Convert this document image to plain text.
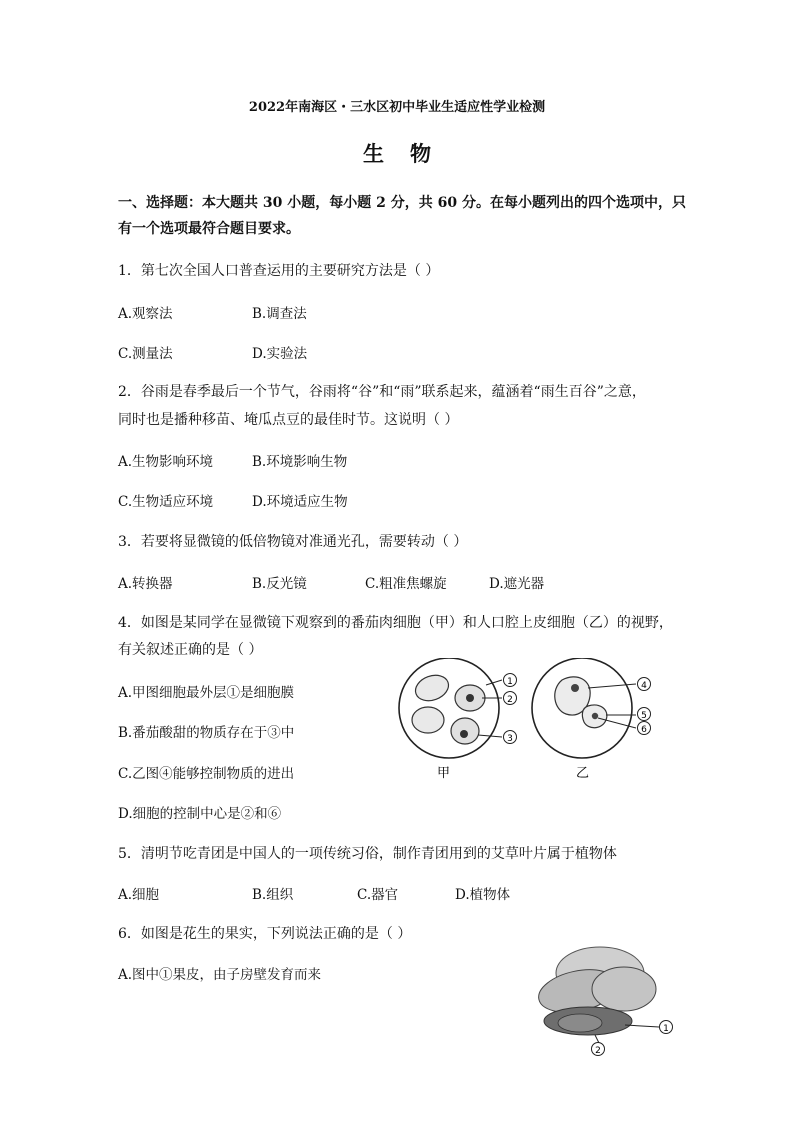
2022年南海区・三水区初中毕业生适应性学业检测
生物
一、选择题：本大题共 30 小题，每小题 2 分，共 60 分。在每小题列出的四个选项中，只有一个选项最符合题目要求。
1．第七次全国人口普查运用的主要研究方法是（ ）
A.观察法	B.调查法
C.测量法	D.实验法
2．谷雨是春季最后一个节气，谷雨将“谷”和“雨”联系起来，蕴涵着“雨生百谷”之意，
同时也是播种移苗、埯瓜点豆的最佳时节。这说明（ ）
A.生物影响环境	B.环境影响生物
C.生物适应环境	D.环境适应生物
3．若要将显微镜的低倍物镜对准通光孔，需要转动（ ）
A.转换器	B.反光镜	C.粗准焦螺旋	D.遮光器
4．如图是某同学在显微镜下观察到的番茄肉细胞（甲）和人口腔上皮细胞（乙）的视野，
有关叙述正确的是（ ）
A.甲图细胞最外层①是细胞膜
B.番茄酸甜的物质存在于③中
C.乙图④能够控制物质的进出
D.细胞的控制中心是②和⑥
1
2
3
甲
4
5
6
乙
5．清明节吃青团是中国人的一项传统习俗，制作青团用到的艾草叶片属于植物体
A.细胞	B.组织	C.器官	D.植物体
6．如图是花生的果实，下列说法正确的是（ ）
A.图中①果皮，由子房壁发育而来
1
2
